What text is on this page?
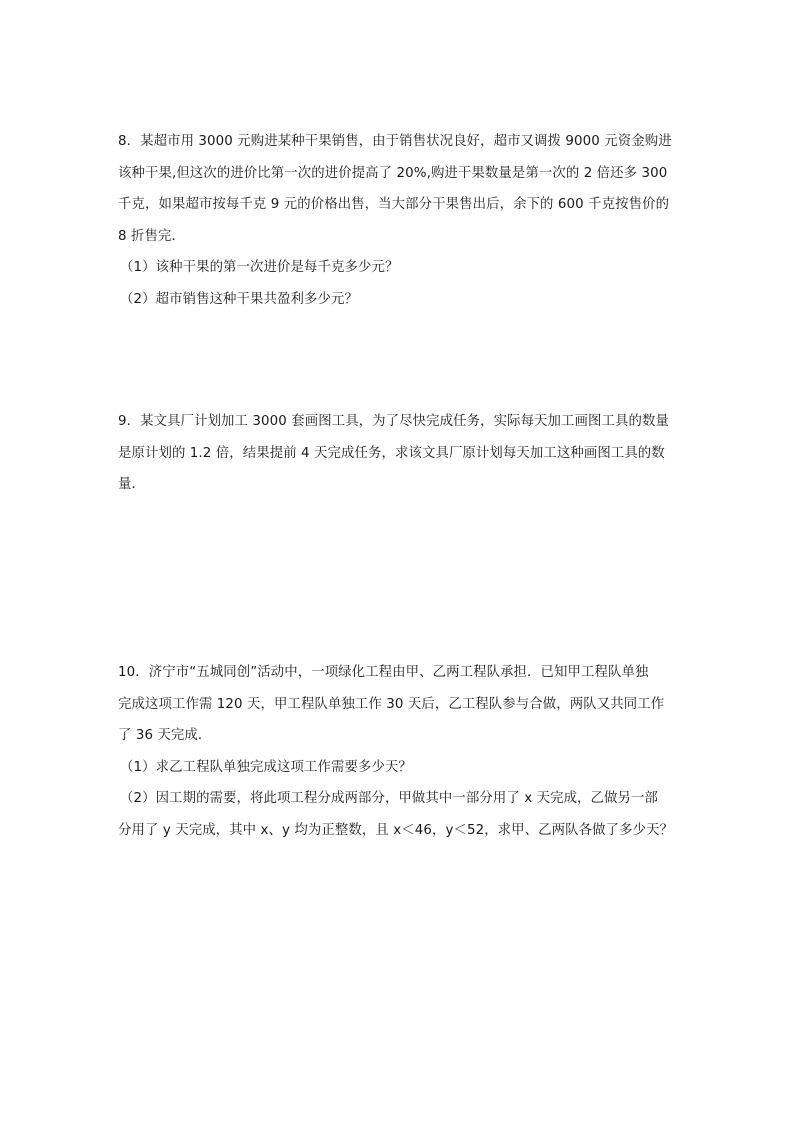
8．某超市用 3000 元购进某种干果销售，由于销售状况良好，超市又调拨 9000 元资金购进
该种干果,但这次的进价比第一次的进价提高了 20%,购进干果数量是第一次的 2 倍还多 300
千克，如果超市按每千克 9 元的价格出售，当大部分干果售出后，余下的 600 千克按售价的
8 折售完．
（1）该种干果的第一次进价是每千克多少元？
（2）超市销售这种干果共盈利多少元？
9．某文具厂计划加工 3000 套画图工具，为了尽快完成任务，实际每天加工画图工具的数量
是原计划的 1.2 倍，结果提前 4 天完成任务，求该文具厂原计划每天加工这种画图工具的数
量．
10．济宁市“五城同创”活动中，一项绿化工程由甲、乙两工程队承担．已知甲工程队单独
完成这项工作需 120 天，甲工程队单独工作 30 天后，乙工程队参与合做，两队又共同工作
了 36 天完成．
（1）求乙工程队单独完成这项工作需要多少天？
（2）因工期的需要，将此项工程分成两部分，甲做其中一部分用了 x 天完成，乙做另一部
分用了 y 天完成，其中 x、y 均为正整数，且 x＜46，y＜52，求甲、乙两队各做了多少天？
